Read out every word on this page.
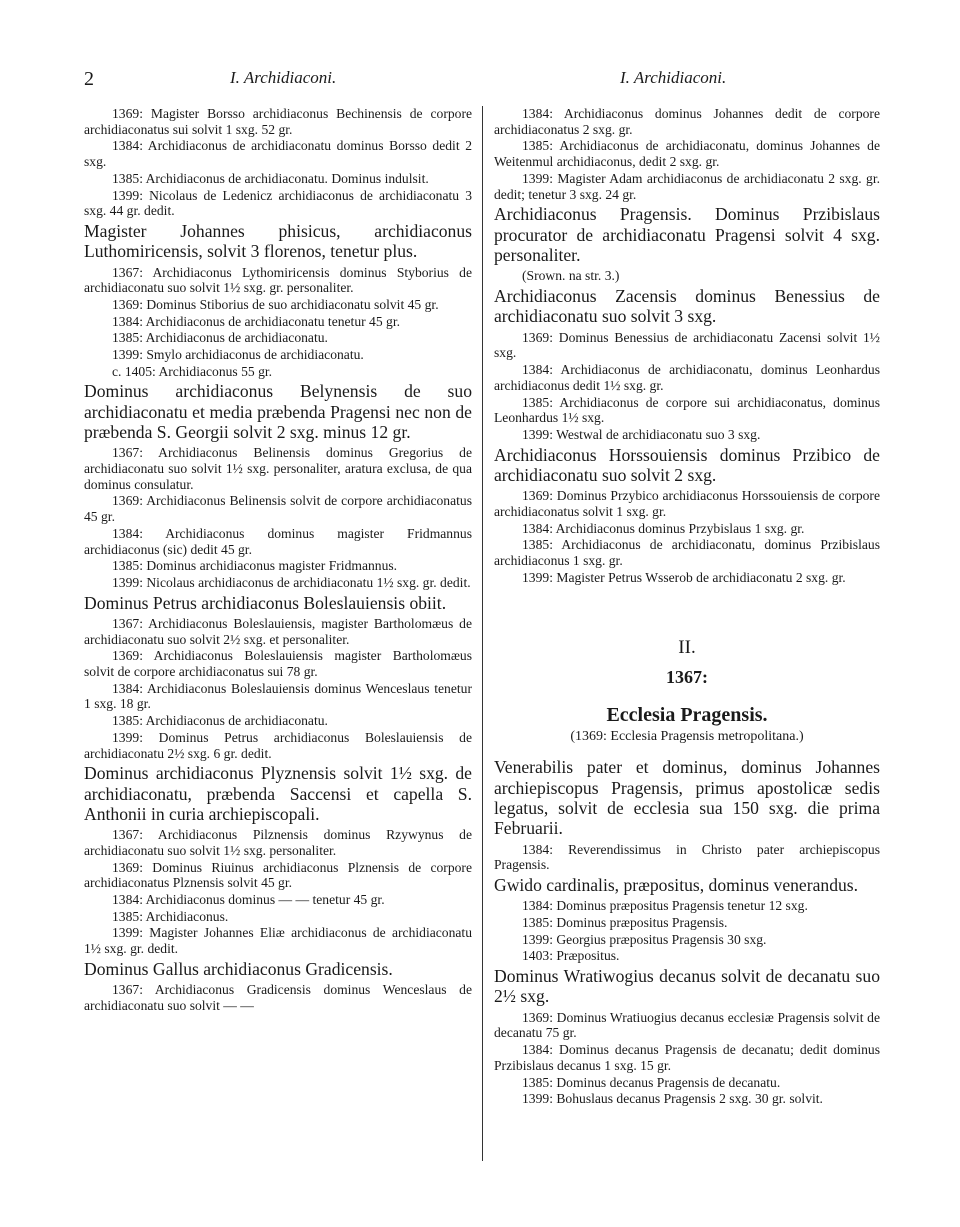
2	I. Archidiaconi.	I. Archidiaconi.

1369: Magister Borsso archidiaconus Bechinensis de corpore archidiaconatus sui solvit 1 sxg. 52 gr.

1384: Archidiaconus de archidiaconatu dominus Borsso dedit 2 sxg.

1385: Archidiaconus de archidiaconatu. Dominus indulsit.

1399: Nicolaus de Ledenicz archidiaconus de archidiaconatu 3 sxg. 44 gr. dedit.

Magister Johannes phisicus, archidiaconus Luthomiricensis, solvit 3 florenos, tenetur plus.

1367: Archidiaconus Lythomiricensis dominus Styborius de archidiaconatu suo solvit 1½ sxg. gr. personaliter.

1369: Dominus Stiborius de suo archidiaconatu solvit 45 gr.

1384: Archidiaconus de archidiaconatu tenetur 45 gr.

1385: Archidiaconus de archidiaconatu.

1399: Smylo archidiaconus de archidiaconatu.

c. 1405: Archidiaconus 55 gr.

Dominus archidiaconus Belynensis de suo archidiaconatu et media præbenda Pragensi nec non de præbenda S. Georgii solvit 2 sxg. minus 12 gr.

1367: Archidiaconus Belinensis dominus Gregorius de archidiaconatu suo solvit 1½ sxg. personaliter, aratura exclusa, de qua dominus consulatur.

1369: Archidiaconus Belinensis solvit de corpore archidiaconatus 45 gr.

1384: Archidiaconus dominus magister Fridmannus archidiaconus (sic) dedit 45 gr.

1385: Dominus archidiaconus magister Fridmannus.

1399: Nicolaus archidiaconus de archidiaconatu 1½ sxg. gr. dedit.

Dominus Petrus archidiaconus Boleslauiensis obiit.

1367: Archidiaconus Boleslauiensis, magister Bartholomæus de archidiaconatu suo solvit 2½ sxg. et personaliter.

1369: Archidiaconus Boleslauiensis magister Bartholomæus solvit de corpore archidiaconatus sui 78 gr.

1384: Archidiaconus Boleslauiensis dominus Wenceslaus tenetur 1 sxg. 18 gr.

1385: Archidiaconus de archidiaconatu.

1399: Dominus Petrus archidiaconus Boleslauiensis de archidiaconatu 2½ sxg. 6 gr. dedit.

Dominus archidiaconus Plyznensis solvit 1½ sxg. de archidiaconatu, præbenda Saccensi et capella S. Anthonii in curia archiepiscopali.

1367: Archidiaconus Pilznensis dominus Rzywynus de archidiaconatu suo solvit 1½ sxg. personaliter.

1369: Dominus Riuinus archidiaconus Plznensis de corpore archidiaconatus Plznensis solvit 45 gr.

1384: Archidiaconus dominus — — tenetur 45 gr.

1385: Archidiaconus.

1399: Magister Johannes Eliæ archidiaconus de archidiaconatu 1½ sxg. gr. dedit.

Dominus Gallus archidiaconus Gradicensis.

1367: Archidiaconus Gradicensis dominus Wenceslaus de archidiaconatu suo solvit — —

1384: Archidiaconus dominus Johannes dedit de corpore archidiaconatus 2 sxg. gr.

1385: Archidiaconus de archidiaconatu, dominus Johannes de Weitenmul archidiaconus, dedit 2 sxg. gr.

1399: Magister Adam archidiaconus de archidiaconatu 2 sxg. gr. dedit; tenetur 3 sxg. 24 gr.

Archidiaconus Pragensis. Dominus Przibislaus procurator de archidiaconatu Pragensi solvit 4 sxg. personaliter.

(Srown. na str. 3.)

Archidiaconus Zacensis dominus Benessius de archidiaconatu suo solvit 3 sxg.

1369: Dominus Benessius de archidiaconatu Zacensi solvit 1½ sxg.

1384: Archidiaconus de archidiaconatu, dominus Leonhardus archidiaconus dedit 1½ sxg. gr.

1385: Archidiaconus de corpore sui archidiaconatus, dominus Leonhardus 1½ sxg.

1399: Westwal de archidiaconatu suo 3 sxg.

Archidiaconus Horssouiensis dominus Przibico de archidiaconatu suo solvit 2 sxg.

1369: Dominus Przybico archidiaconus Horssouiensis de corpore archidiaconatus solvit 1 sxg. gr.

1384: Archidiaconus dominus Przybislaus 1 sxg. gr.

1385: Archidiaconus de archidiaconatu, dominus Przibislaus archidiaconus 1 sxg. gr.

1399: Magister Petrus Wsserob de archidiaconatu 2 sxg. gr.

II.

1367:

Ecclesia Pragensis.

(1369: Ecclesia Pragensis metropolitana.)

Venerabilis pater et dominus, dominus Johannes archiepiscopus Pragensis, primus apostolicæ sedis legatus, solvit de ecclesia sua 150 sxg. die prima Februarii.

1384: Reverendissimus in Christo pater archiepiscopus Pragensis.

Gwido cardinalis, præpositus, dominus venerandus.

1384: Dominus præpositus Pragensis tenetur 12 sxg.

1385: Dominus præpositus Pragensis.

1399: Georgius præpositus Pragensis 30 sxg.

1403: Præpositus.

Dominus Wratiwogius decanus solvit de decanatu suo 2½ sxg.

1369: Dominus Wratiuogius decanus ecclesiæ Pragensis solvit de decanatu 75 gr.

1384: Dominus decanus Pragensis de decanatu; dedit dominus Przibislaus decanus 1 sxg. 15 gr.

1385: Dominus decanus Pragensis de decanatu.

1399: Bohuslaus decanus Pragensis 2 sxg. 30 gr. solvit.
